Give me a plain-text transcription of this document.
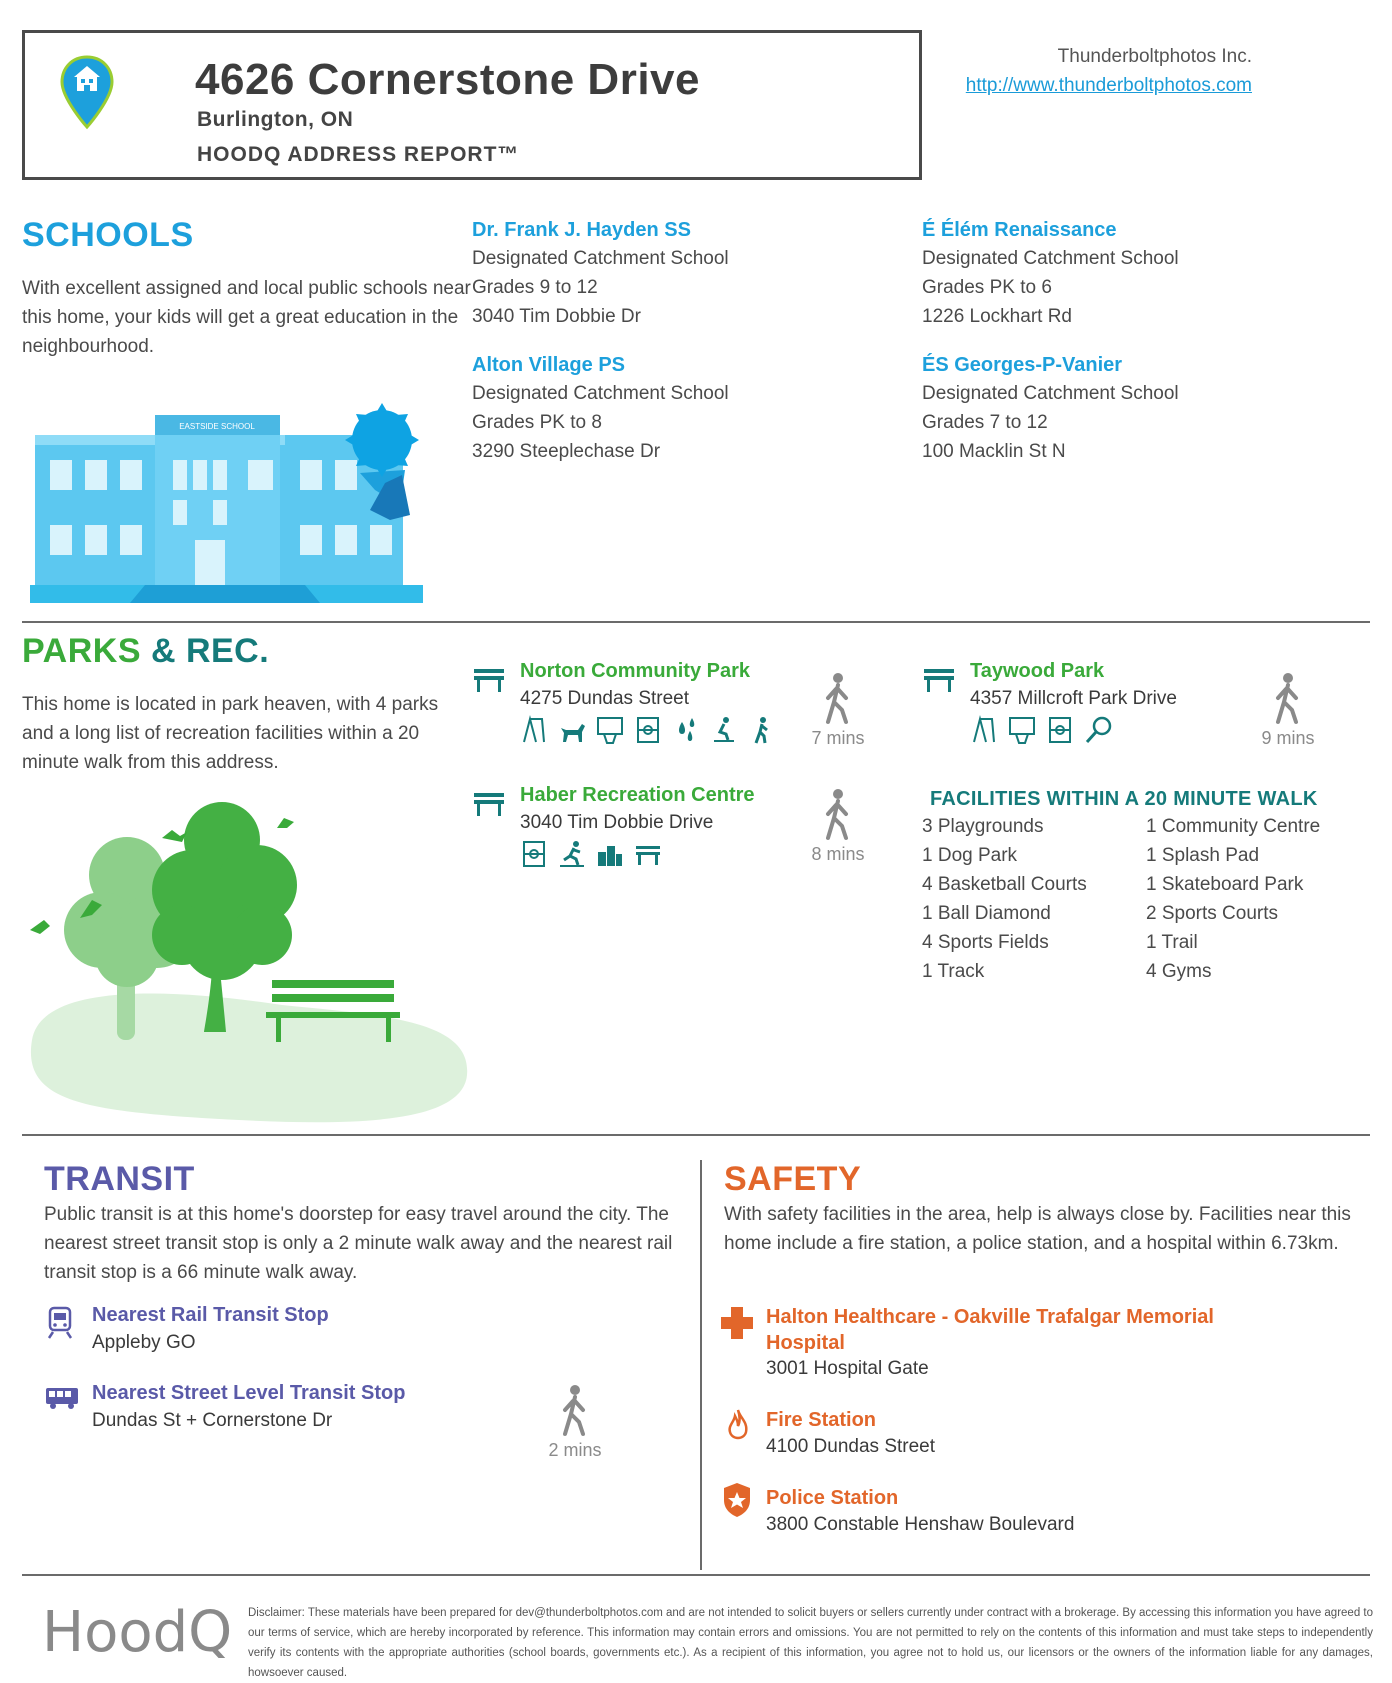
4626 Cornerstone Drive
Burlington, ON
HOODQ ADDRESS REPORT™
Thunderboltphotos Inc.
http://www.thunderboltphotos.com
SCHOOLS
With excellent assigned and local public schools near this home, your kids will get a great education in the neighbourhood.
Dr. Frank J. Hayden SS
Designated Catchment School
Grades 9 to 12
3040 Tim Dobbie Dr
É Élém Renaissance
Designated Catchment School
Grades PK to 6
1226 Lockhart Rd
Alton Village PS
Designated Catchment School
Grades PK to 8
3290 Steeplechase Dr
ÉS Georges-P-Vanier
Designated Catchment School
Grades 7 to 12
100 Macklin St N
EASTSIDE SCHOOL
PARKS & REC.
This home is located in park heaven, with 4 parks and a long list of recreation facilities within a 20 minute walk from this address.
Norton Community Park
4275 Dundas Street
7 mins
Taywood Park
4357 Millcroft Park Drive
9 mins
Haber Recreation Centre
3040 Tim Dobbie Drive
8 mins
FACILITIES WITHIN A 20 MINUTE WALK
3 Playgrounds
1 Dog Park
4 Basketball Courts
1 Ball Diamond
4 Sports Fields
1 Track
1 Community Centre
1 Splash Pad
1 Skateboard Park
2 Sports Courts
1 Trail
4 Gyms
TRANSIT
Public transit is at this home's doorstep for easy travel around the city. The nearest street transit stop is only a 2 minute walk away and the nearest rail transit stop is a 66 minute walk away.
Nearest Rail Transit Stop
Appleby GO
Nearest Street Level Transit Stop
Dundas St + Cornerstone Dr
2 mins
SAFETY
With safety facilities in the area, help is always close by. Facilities near this home include a fire station, a police station, and a hospital within 6.73km.
Halton Healthcare - Oakville Trafalgar Memorial
Hospital
3001 Hospital Gate
Fire Station
4100 Dundas Street
Police Station
3800 Constable Henshaw Boulevard
HoodQ Disclaimer: These materials have been prepared for dev@thunderboltphotos.com and are not intended to solicit buyers or sellers currently under contract with a brokerage. By accessing this information you have agreed to our terms of service, which are hereby incorporated by reference. This information may contain errors and omissions. You are not permitted to rely on the contents of this information and must take steps to independently verify its contents with the appropriate authorities (school boards, governments etc.). As a recipient of this information, you agree not to hold us, our licensors or the owners of the information liable for any damages, howsoever caused.
